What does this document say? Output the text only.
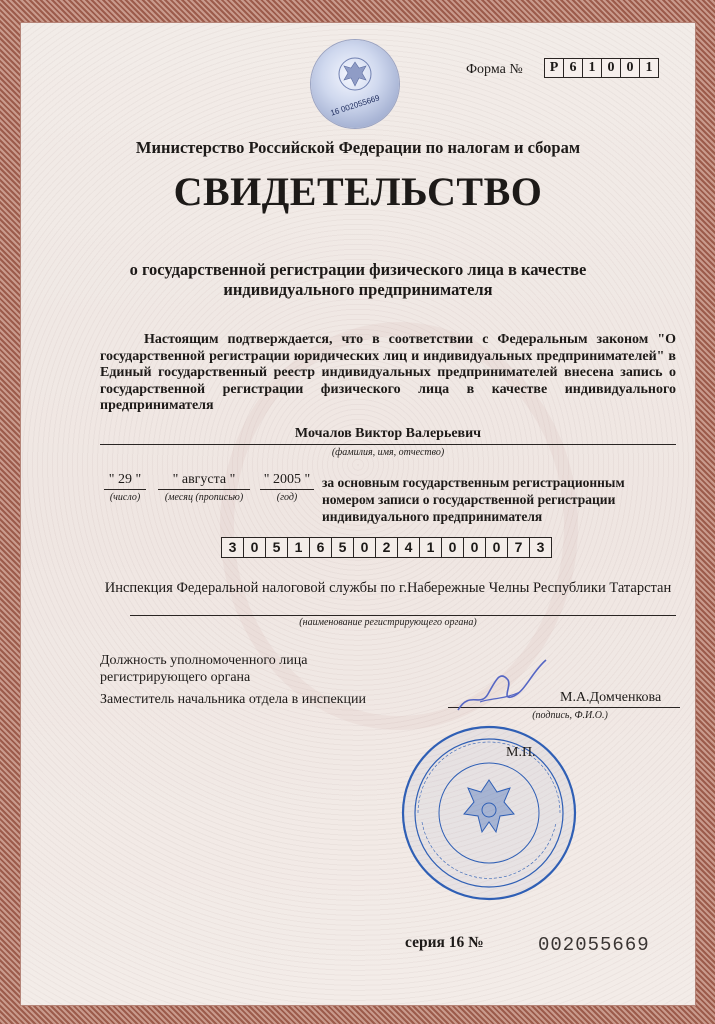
16 002055669
Форма №	Р 6 1 0 0 1
Министерство Российской Федерации по налогам и сборам
СВИДЕТЕЛЬСТВО
о государственной регистрации физического лица в качестве индивидуального предпринимателя
Настоящим подтверждается, что в соответствии с Федеральным законом "О государственной регистрации юридических лиц и индивидуальных предпринимателей" в Единый государственный реестр индивидуальных предпринимателей внесена запись о государственной регистрации физического лица в качестве индивидуального предпринимателя
Мочалов Виктор Валерьевич
(фамилия, имя, отчество)
" 29 "
(число)
" августа "
(месяц (прописью)
" 2005 "
(год)
за основным государственным регистрационным номером записи о государственной регистрации индивидуального предпринимателя
3	0	5	1	6	5	0	2	4	1	0	0	0	7	3
Инспекция Федеральной налоговой службы по г.Набережные Челны Республики Татарстан
(наименование регистрирующего органа)
Должность уполномоченного лица регистрирующего органа
Заместитель начальника отдела в инспекции	М.А.Домченкова
(подпись, Ф.И.О.)
М.П.
серия 16 №	002055669
